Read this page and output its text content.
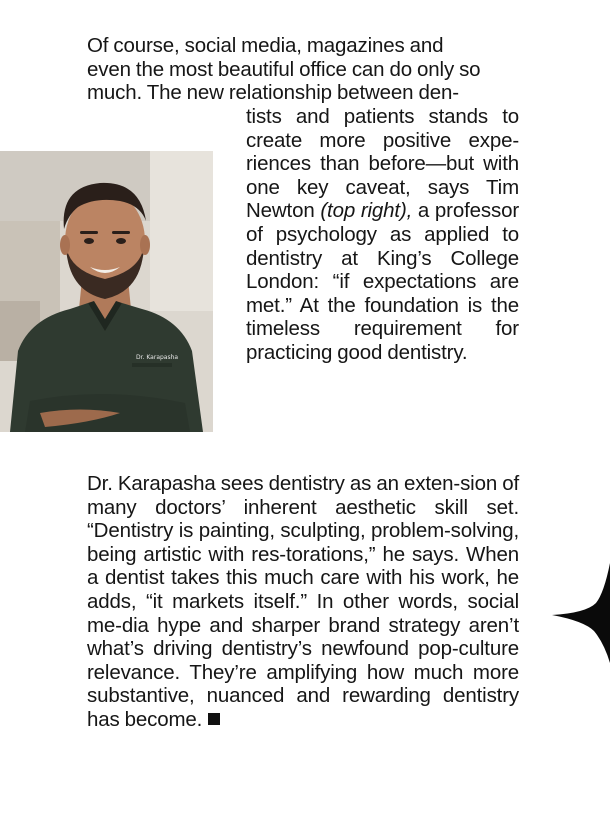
Of course, social media, magazines and
even the most beautiful office can do only so
much. The new relationship between den-

tists and patients stands to create more positive expe-riences than before—but with one key caveat, says Tim Newton (top right), a professor of psychology as applied to dentistry at King’s College London: “if expectations are met.” At the foundation is the timeless requirement for practicing good dentistry.

Dr. Karapasha

Dr. Karapasha sees dentistry as an exten-sion of many doctors’ inherent aesthetic skill set. “Dentistry is painting, sculpting, problem-solving, being artistic with res-torations,” he says. When a dentist takes this much care with his work, he adds, “it markets itself.” In other words, social me-dia hype and sharper brand strategy aren’t what’s driving dentistry’s newfound pop-culture relevance. They’re amplifying how much more substantive, nuanced and rewarding dentistry has become.
